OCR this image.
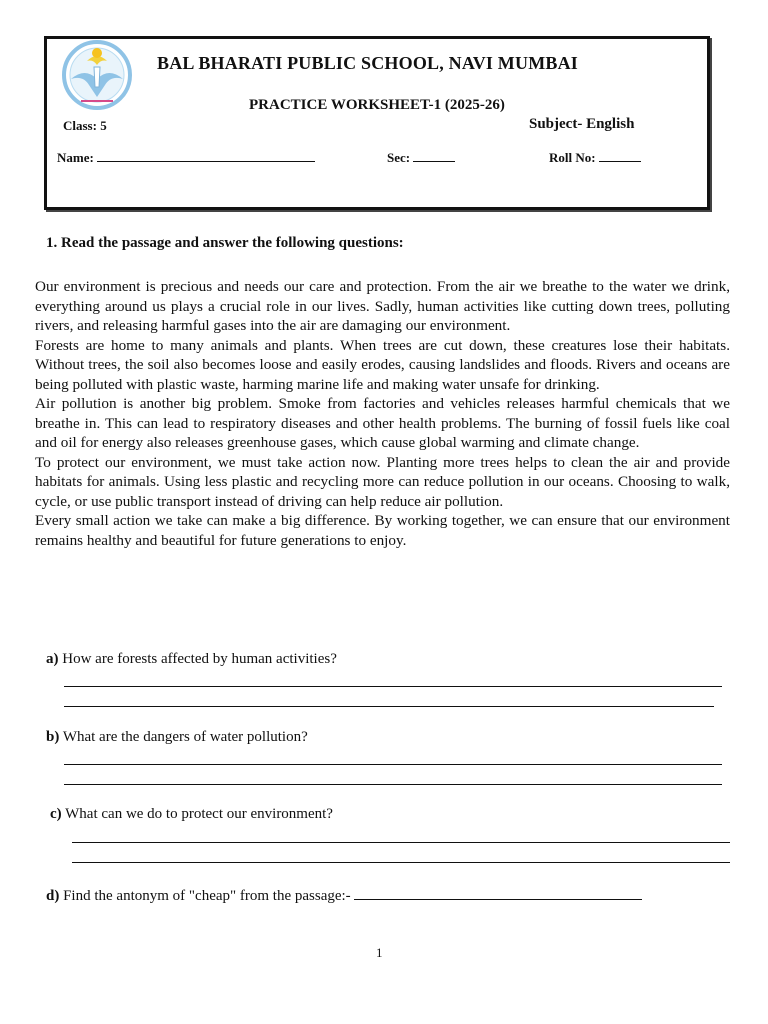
BAL BHARATI PUBLIC SCHOOL, NAVI MUMBAI
PRACTICE WORKSHEET-1 (2025-26)
Class: 5	Subject- English
Name:	Sec:	Roll No:
1. Read the passage and answer the following questions:

Our environment is precious and needs our care and protection. From the air we breathe to the water we drink, everything around us plays a crucial role in our lives. Sadly, human activities like cutting down trees, polluting rivers, and releasing harmful gases into the air are damaging our environment.

Forests are home to many animals and plants. When trees are cut down, these creatures lose their habitats. Without trees, the soil also becomes loose and easily erodes, causing landslides and floods. Rivers and oceans are being polluted with plastic waste, harming marine life and making water unsafe for drinking.

Air pollution is another big problem. Smoke from factories and vehicles releases harmful chemicals that we breathe in. This can lead to respiratory diseases and other health problems. The burning of fossil fuels like coal and oil for energy also releases greenhouse gases, which cause global warming and climate change.

To protect our environment, we must take action now. Planting more trees helps to clean the air and provide habitats for animals. Using less plastic and recycling more can reduce pollution in our oceans. Choosing to walk, cycle, or use public transport instead of driving can help reduce air pollution.

Every small action we take can make a big difference. By working together, we can ensure that our environment remains healthy and beautiful for future generations to enjoy.

a) How are forests affected by human activities?
b) What are the dangers of water pollution?
c) What can we do to protect our environment?
d) Find the antonym of "cheap" from the passage:-
1
